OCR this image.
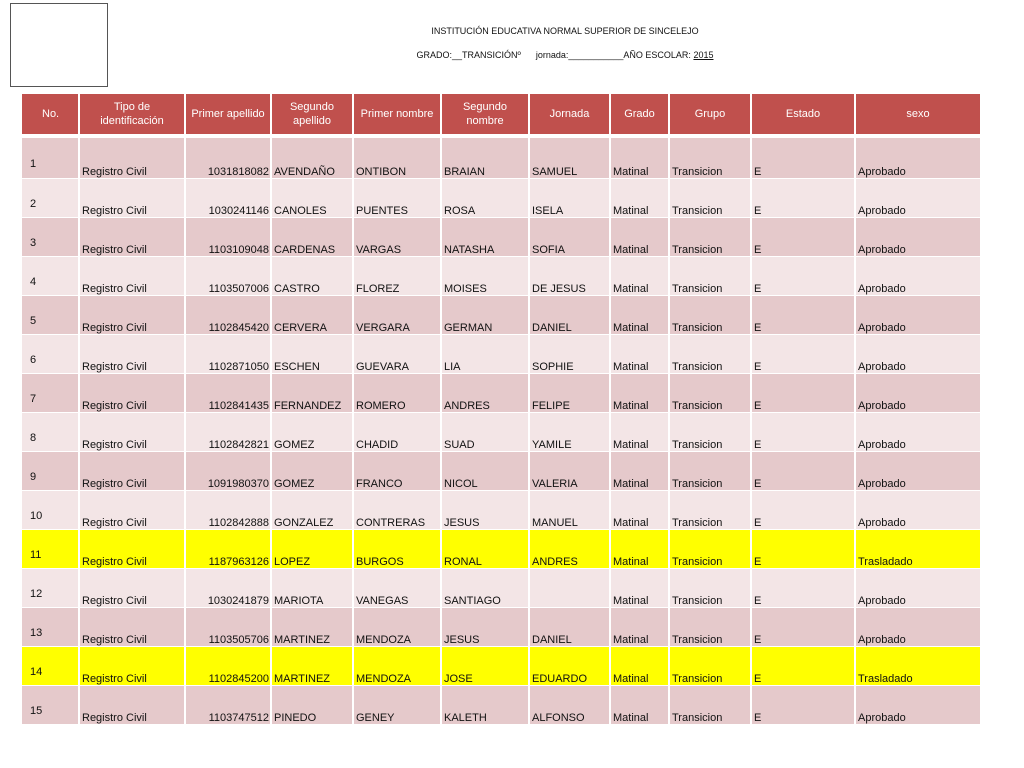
INSTITUCIÓN EDUCATIVA NORMAL SUPERIOR DE SINCELEJO
GRADO:__TRANSICIÓNº jornada:___________AÑO ESCOLAR: 2015
No.	Tipo de identificación	Primer apellido	Segundo apellido	Primer nombre	Segundo nombre	Jornada	Grado	Grupo	Estado	sexo

1	Registro Civil	1031818082	AVENDAÑO	ONTIBON	BRAIAN	SAMUEL	Matinal	Transicion	E	Aprobado
2	Registro Civil	1030241146	CANOLES	PUENTES	ROSA	ISELA	Matinal	Transicion	E	Aprobado
3	Registro Civil	1103109048	CARDENAS	VARGAS	NATASHA	SOFIA	Matinal	Transicion	E	Aprobado
4	Registro Civil	1103507006	CASTRO	FLOREZ	MOISES	DE JESUS	Matinal	Transicion	E	Aprobado
5	Registro Civil	1102845420	CERVERA	VERGARA	GERMAN	DANIEL	Matinal	Transicion	E	Aprobado
6	Registro Civil	1102871050	ESCHEN	GUEVARA	LIA	SOPHIE	Matinal	Transicion	E	Aprobado
7	Registro Civil	1102841435	FERNANDEZ	ROMERO	ANDRES	FELIPE	Matinal	Transicion	E	Aprobado
8	Registro Civil	1102842821	GOMEZ	CHADID	SUAD	YAMILE	Matinal	Transicion	E	Aprobado
9	Registro Civil	1091980370	GOMEZ	FRANCO	NICOL	VALERIA	Matinal	Transicion	E	Aprobado
10	Registro Civil	1102842888	GONZALEZ	CONTRERAS	JESUS	MANUEL	Matinal	Transicion	E	Aprobado
11	Registro Civil	1187963126	LOPEZ	BURGOS	RONAL	ANDRES	Matinal	Transicion	E	Trasladado
12	Registro Civil	1030241879	MARIOTA	VANEGAS	SANTIAGO		Matinal	Transicion	E	Aprobado
13	Registro Civil	1103505706	MARTINEZ	MENDOZA	JESUS	DANIEL	Matinal	Transicion	E	Aprobado
14	Registro Civil	1102845200	MARTINEZ	MENDOZA	JOSE	EDUARDO	Matinal	Transicion	E	Trasladado
15	Registro Civil	1103747512	PINEDO	GENEY	KALETH	ALFONSO	Matinal	Transicion	E	Aprobado
